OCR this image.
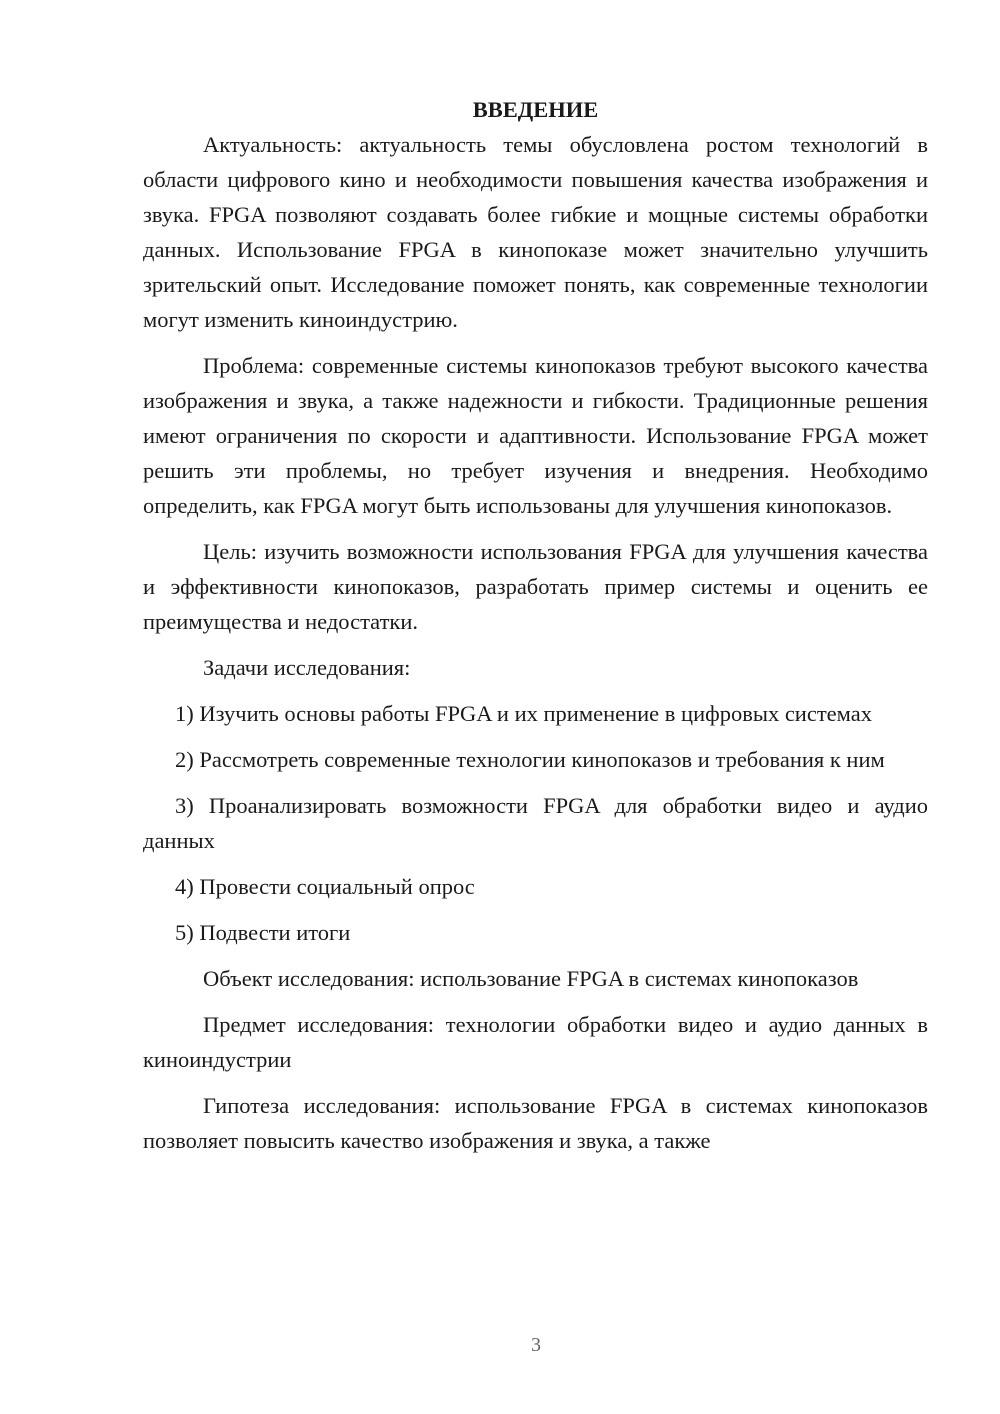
ВВЕДЕНИЕ

Актуальность: актуальность темы обусловлена ростом технологий в области цифрового кино и необходимости повышения качества изображения и звука. FPGA позволяют создавать более гибкие и мощные системы обработки данных. Использование FPGA в кинопоказе может значительно улучшить зрительский опыт. Исследование поможет понять, как современные технологии могут изменить киноиндустрию.

Проблема: современные системы кинопоказов требуют высокого качества изображения и звука, а также надежности и гибкости. Традиционные решения имеют ограничения по скорости и адаптивности. Использование FPGA может решить эти проблемы, но требует изучения и внедрения. Необходимо определить, как FPGA могут быть использованы для улучшения кинопоказов.

Цель: изучить возможности использования FPGA для улучшения качества и эффективности кинопоказов, разработать пример системы и оценить ее преимущества и недостатки.

Задачи исследования:

1) Изучить основы работы FPGA и их применение в цифровых системах

2) Рассмотреть современные технологии кинопоказов и требования к ним

3) Проанализировать возможности FPGA для обработки видео и аудио данных

4) Провести социальный опрос

5) Подвести итоги

Объект исследования: использование FPGA в системах кинопоказов

Предмет исследования: технологии обработки видео и аудио данных в киноиндустрии

Гипотеза исследования: использование FPGA в системах кинопоказов позволяет повысить качество изображения и звука, а также

3
